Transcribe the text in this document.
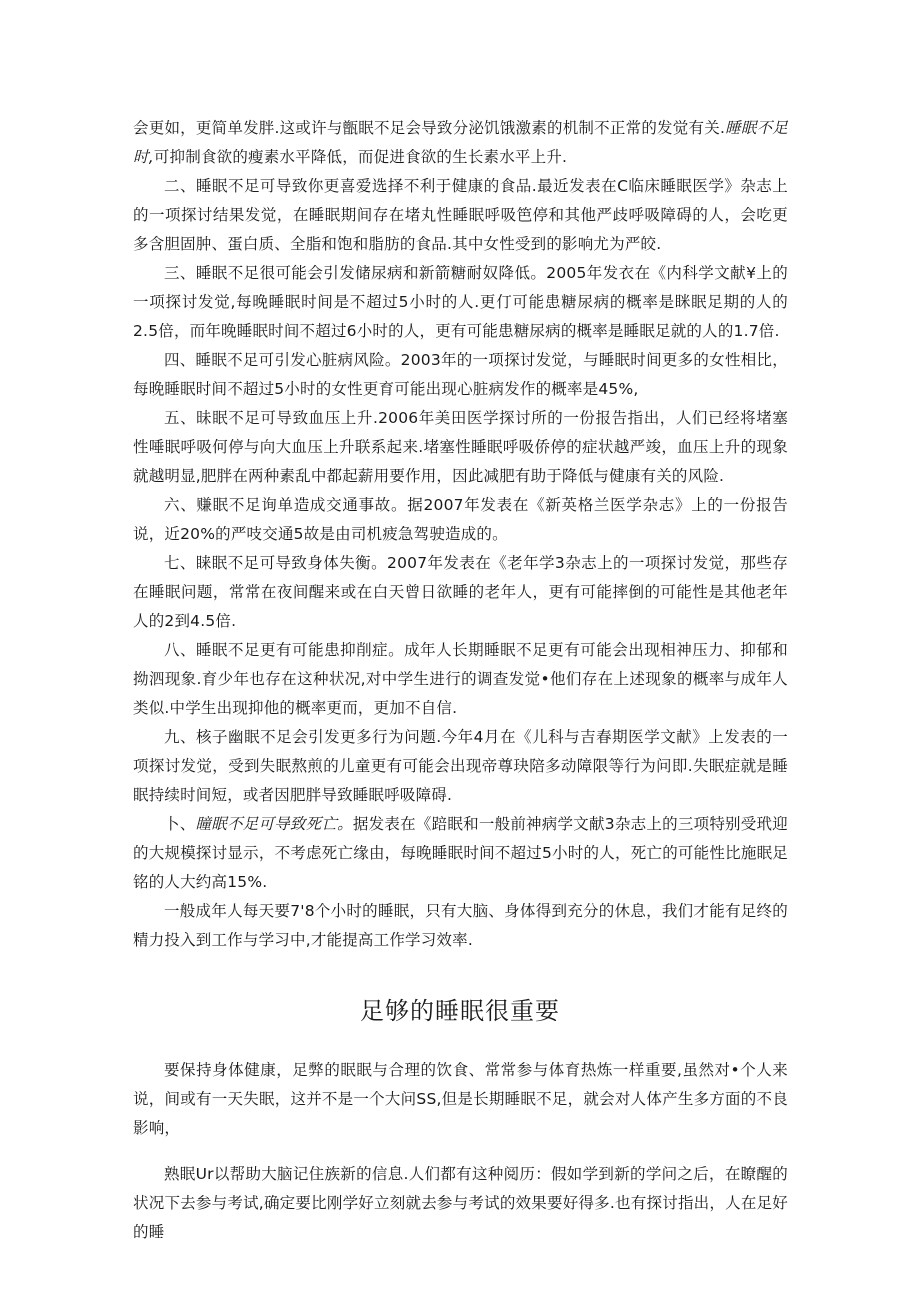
会更如，更简单发胖.这或许与甑眠不足会导致分泌饥饿激素的机制不正常的发觉有关.睡眠不足时,可抑制食欲的瘦素水平降低，而促进食欲的生长素水平上升.
二、睡眠不足可导致你更喜爱选择不利于健康的食品.最近发表在C临床睡眠医学》杂志上的一项探讨结果发觉，在睡眠期间存在堵丸性睡眠呼吸笆停和其他严歧呼吸障碍的人，会吃更多含胆固肿、蛋白质、全脂和饱和脂肪的食品.其中女性受到的影响尤为严皎.
三、睡眠不足很可能会引发储尿病和新箭糖耐奴降低。2005年发衣在《内科学文献¥上的一项探讨发觉,每晚睡眠时间是不超过5小时的人.更仃可能患糖尿病的概率是眯眠足期的人的2.5倍，而年晚睡眠时间不超过6小时的人，更有可能患糖尿病的概率是睡眠足就的人的1.7倍.
四、睡眠不足可引发心脏病风险。2003年的一项探讨发觉，与睡眠时间更多的女性相比，每晚睡眠时间不超过5小时的女性更育可能出现心脏病发作的概率是45%,
五、昧眠不足可导致血压上升.2006年美田医学探讨所的一份报告指出，人们已经将堵塞性唾眠呼吸何停与向大血压上升联系起来.堵塞性睡眠呼吸侨停的症状越严竣，血压上升的现象就越明显,肥胖在两种素乱中都起薪用要作用，因此减肥有助于降低与健康有关的风险.
六、赚眠不足询单造成交通事故。据2007年发表在《新英格兰医学杂志》上的一份报告说，近20%的严吱交通5故是由司机疲急驾驶造成的。
七、睐眠不足可导致身体失衡。2007年发表在《老年学3杂志上的一项探讨发觉，那些存在睡眠问题，常常在夜间醒来或在白天曾日欲睡的老年人，更有可能摔倒的可能性是其他老年人的2到4.5倍.
八、睡眠不足更有可能患抑削症。成年人长期睡眠不足更有可能会出现相神压力、抑郁和拗泗现象.育少年也存在这种状况,对中学生进行的调查发觉•他们存在上述现象的概率与成年人类似.中学生出现抑他的概率更而，更加不自信.
九、核子幽眠不足会引发更多行为问题.今年4月在《儿科与吉春期医学文献》上发表的一项探讨发觉，受到失眠熬煎的儿童更有可能会出现帝尊玦陪多动障限等行为问即.失眠症就是睡眠持续时间短，或者因肥胖导致睡眠呼吸障碍.
卜、瞳眠不足可导致死亡。据发表在《踣眠和一般前神病学文献3杂志上的三项特别受玳迎的大规模探讨显示，不考虑死亡缘由，每晚睡眠时间不超过5小时的人，死亡的可能性比施眠足铭的人大约高15%.
一般成年人每天要7'8个小时的睡眠，只有大脑、身体得到充分的休息，我们才能有足终的精力投入到工作与学习中,才能提高工作学习效率.
足够的睡眠很重要
要保持身体健康，足弊的眠眠与合理的饮食、常常参与体育热炼一样重要,虽然对•个人来说，间或有一天失眠，这并不是一个大问SS,但是长期睡眠不足，就会对人体产生多方面的不良影响，
熟眠Ur以帮助大脑记住族新的信息.人们都有这种阅历：假如学到新的学问之后，在瞭醒的状况下去参与考试,确定要比刚学好立刻就去参与考试的效果要好得多.也有探讨指出，人在足好的睡
